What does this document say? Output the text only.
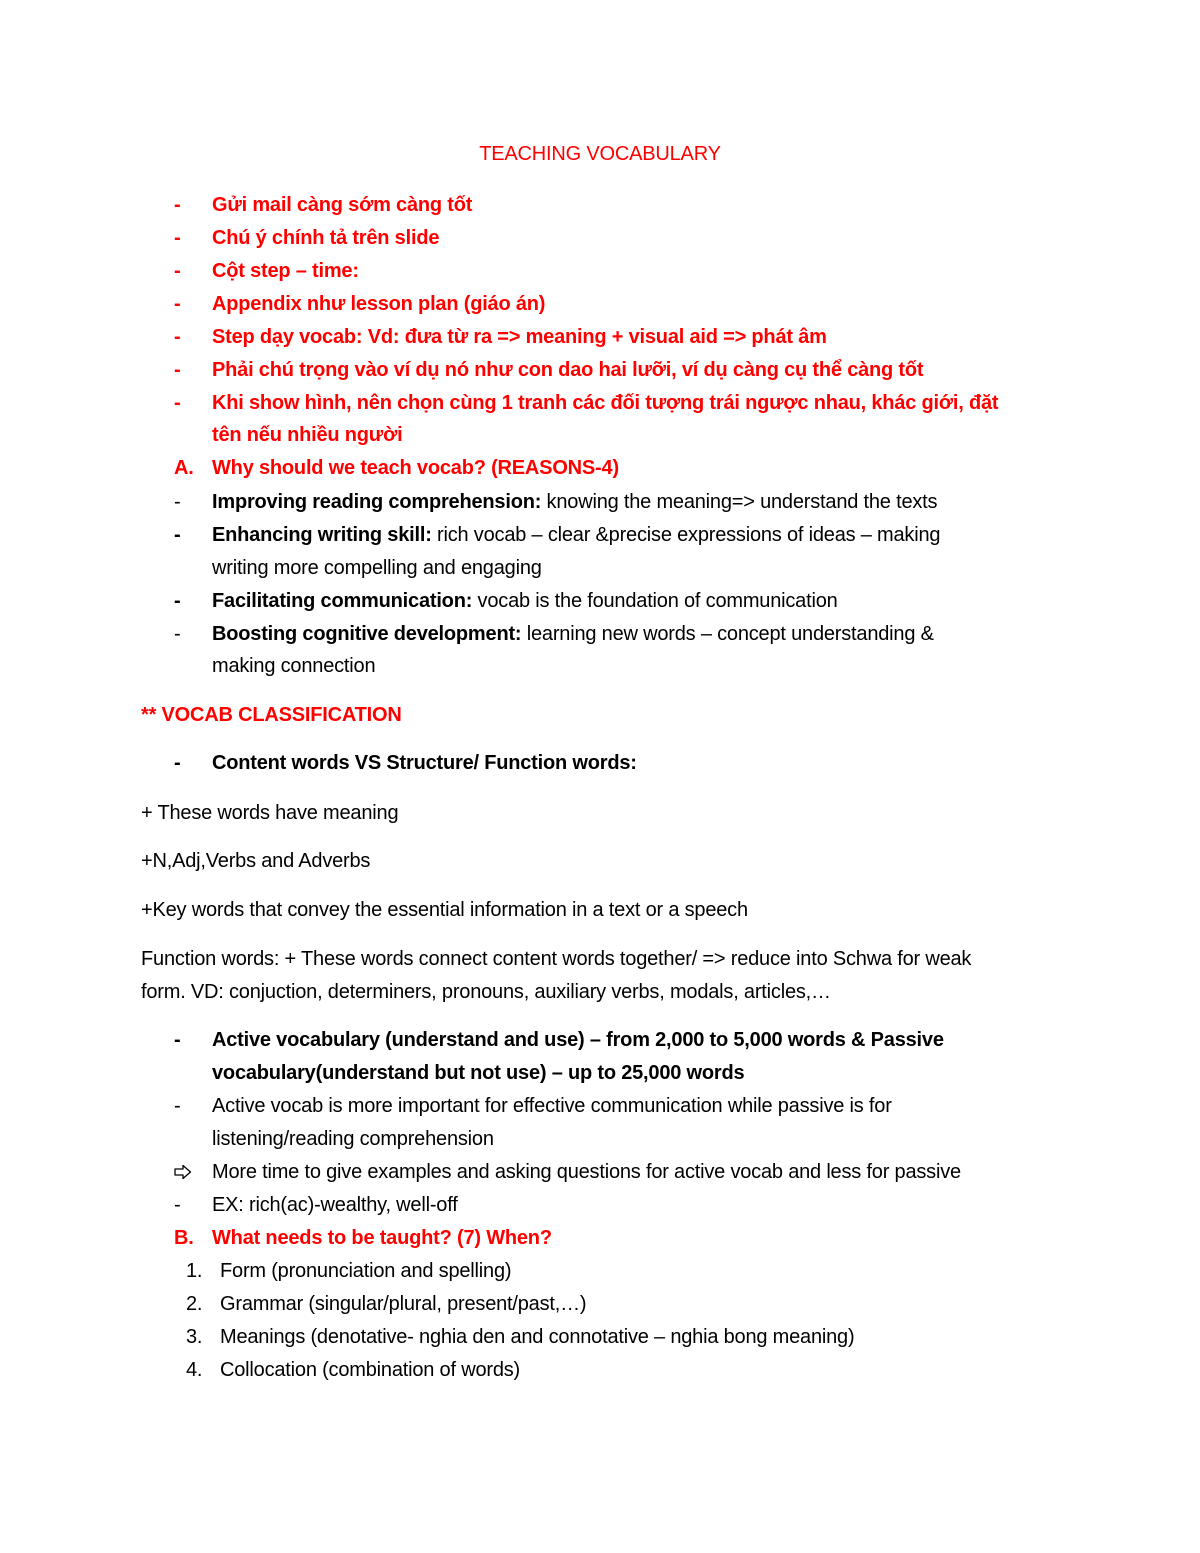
TEACHING VOCABULARY
-	Gửi mail càng sớm càng tốt
-	Chú ý chính tả trên slide
-	Cột step – time:
-	Appendix như lesson plan (giáo án)
-	Step dạy vocab: Vd: đưa từ ra => meaning + visual aid => phát âm
-	Phải chú trọng vào ví dụ nó như con dao hai lưỡi, ví dụ càng cụ thể càng tốt
-	Khi show hình, nên chọn cùng 1 tranh các đối tượng trái ngược nhau, khác giới, đặt
tên nếu nhiều người
A. Why should we teach vocab? (REASONS-4)
-	Improving reading comprehension: knowing the meaning=> understand the texts
-	Enhancing writing skill: rich vocab – clear &precise expressions of ideas – making
writing more compelling and engaging
-	Facilitating communication: vocab is the foundation of communication
-	Boosting cognitive development: learning new words – concept understanding &
making connection
** VOCAB CLASSIFICATION
-	Content words VS Structure/ Function words:
+ These words have meaning
+N,Adj,Verbs and Adverbs
+Key words that convey the essential information in a text or a speech
Function words: + These words connect content words together/ => reduce into Schwa for weak
form. VD: conjuction, determiners, pronouns, auxiliary verbs, modals, articles,…
-	Active vocabulary (understand and use) – from 2,000 to 5,000 words & Passive
vocabulary(understand but not use) – up to 25,000 words
-	Active vocab is more important for effective communication while passive is for
listening/reading comprehension
More time to give examples and asking questions for active vocab and less for passive
-	EX: rich(ac)-wealthy, well-off
B. What needs to be taught? (7) When?
1. Form (pronunciation and spelling)
2. Grammar (singular/plural, present/past,…)
3. Meanings (denotative- nghia den and connotative – nghia bong meaning)
4. Collocation (combination of words)
